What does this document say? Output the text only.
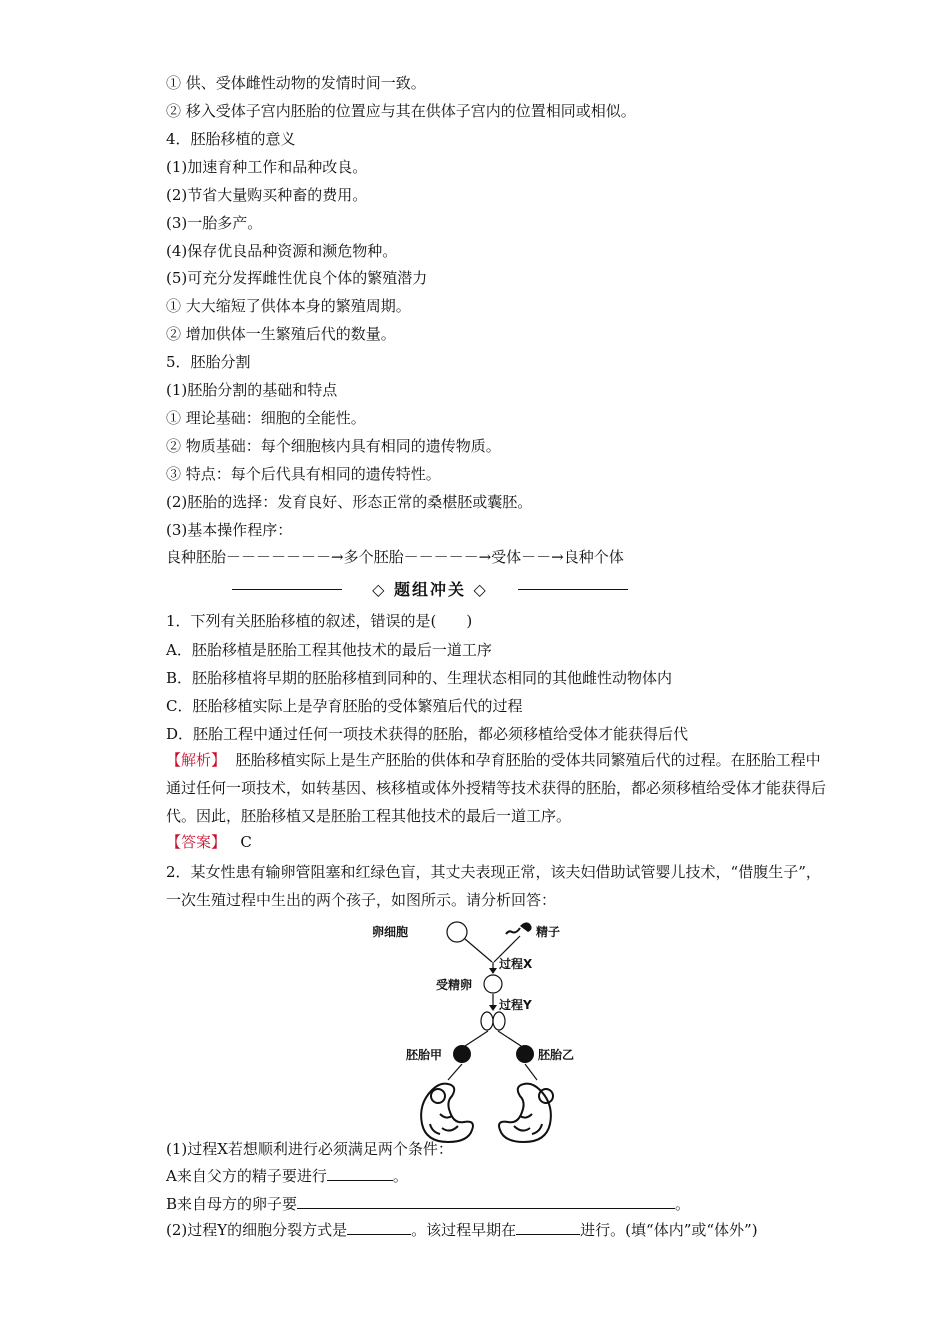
① 供、受体雌性动物的发情时间一致。
② 移入受体子宫内胚胎的位置应与其在供体子宫内的位置相同或相似。
4．胚胎移植的意义
(1)加速育种工作和品种改良。
(2)节省大量购买种畜的费用。
(3)一胎多产。
(4)保存优良品种资源和濒危物种。
(5)可充分发挥雌性优良个体的繁殖潜力
① 大大缩短了供体本身的繁殖周期。
② 增加供体一生繁殖后代的数量。
5．胚胎分割
(1)胚胎分割的基础和特点
① 理论基础：细胞的全能性。
② 物质基础：每个细胞核内具有相同的遗传物质。
③ 特点：每个后代具有相同的遗传特性。
(2)胚胎的选择：发育良好、形态正常的桑椹胚或囊胚。
(3)基本操作程序：
良种胚胎－－－－－－－→多个胚胎－－－－－→受体－－→良种个体
◇ 题组冲关 ◇
1．下列有关胚胎移植的叙述，错误的是(　　)
A．胚胎移植是胚胎工程其他技术的最后一道工序
B．胚胎移植将早期的胚胎移植到同种的、生理状态相同的其他雌性动物体内
C．胚胎移植实际上是孕育胚胎的受体繁殖后代的过程
D．胚胎工程中通过任何一项技术获得的胚胎，都必须移植给受体才能获得后代
【解析】 胚胎移植实际上是生产胚胎的供体和孕育胚胎的受体共同繁殖后代的过程。在胚胎工程中通过任何一项技术，如转基因、核移植或体外授精等技术获得的胚胎，都必须移植给受体才能获得后代。因此，胚胎移植又是胚胎工程其他技术的最后一道工序。
【答案】 C
2．某女性患有输卵管阻塞和红绿色盲，其丈夫表现正常，该夫妇借助试管婴儿技术，“借腹生子”，一次生殖过程中生出的两个孩子，如图所示。请分析回答：
卵细胞	精子
过程X
受精卵
过程Y
胚胎甲	胚胎乙
(1)过程X若想顺利进行必须满足两个条件：
A来自父方的精子要进行	。
B来自母方的卵子要	。
(2)过程Y的细胞分裂方式是	。该过程早期在	进行。(填“体内”或“体外”)
